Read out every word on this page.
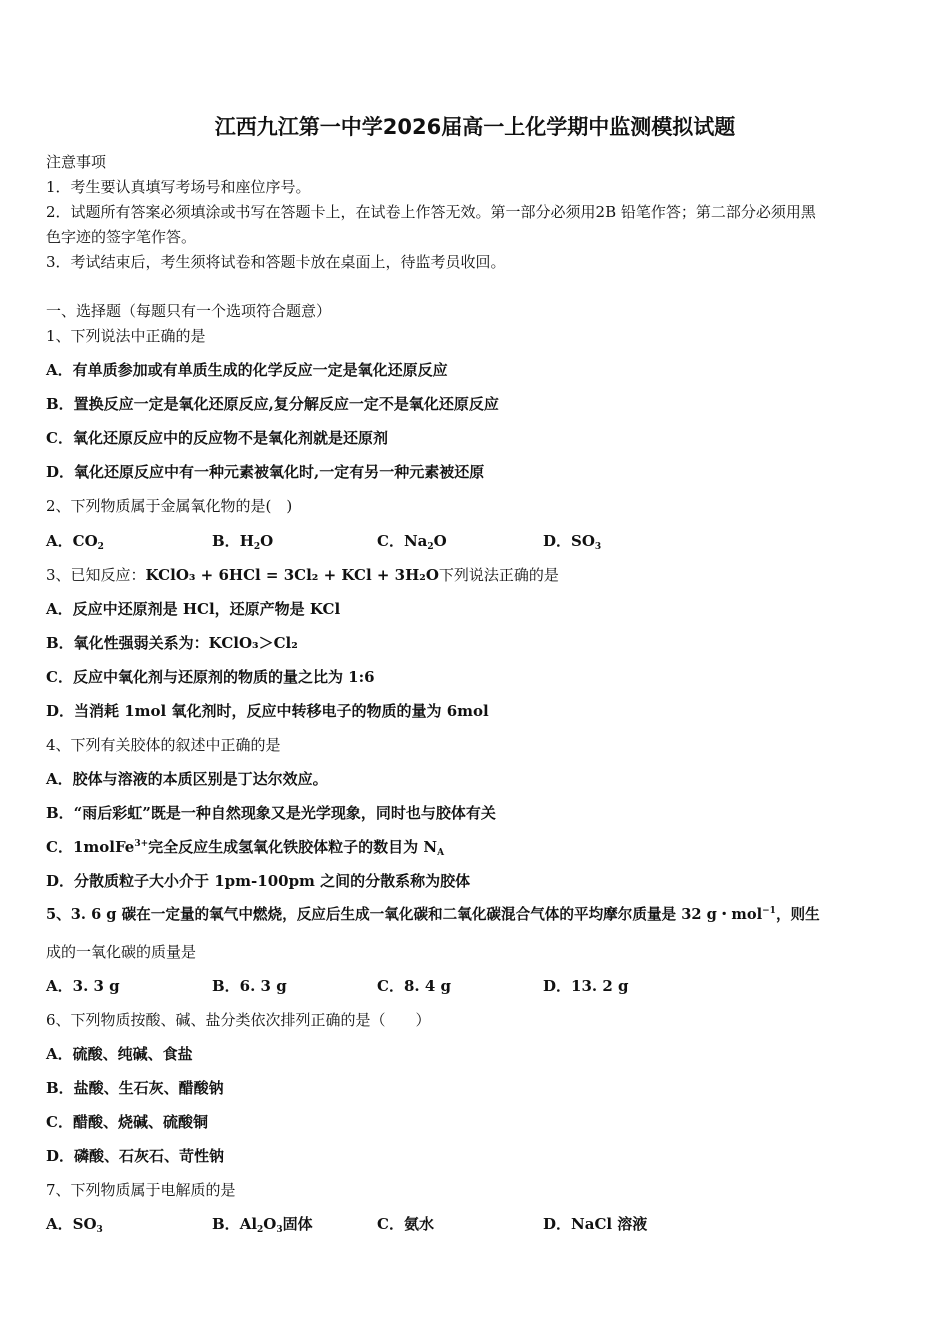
江西九江第一中学2026届高一上化学期中监测模拟试题
注意事项
1．考生要认真填写考场号和座位序号。
2．试题所有答案必须填涂或书写在答题卡上，在试卷上作答无效。第一部分必须用2B 铅笔作答；第二部分必须用黑
色字迹的签字笔作答。
3．考试结束后，考生须将试卷和答题卡放在桌面上，待监考员收回。
一、选择题（每题只有一个选项符合题意）
1、下列说法中正确的是
A．有单质参加或有单质生成的化学反应一定是氧化还原反应
B．置换反应一定是氧化还原反应,复分解反应一定不是氧化还原反应
C．氧化还原反应中的反应物不是氧化剂就是还原剂
D．氧化还原反应中有一种元素被氧化时,一定有另一种元素被还原
2、下列物质属于金属氧化物的是(　)
A．$CO_2$	B．$H_2O$	C．$Na_2O$	D．$SO_3$
3、已知反应：KClO₃ + 6HCl = 3Cl₂ + KCl + 3H₂O下列说法正确的是
A．反应中还原剂是 HCl，还原产物是 KCl
B．氧化性强弱关系为：KClO₃＞Cl₂
C．反应中氧化剂与还原剂的物质的量之比为 1:6
D．当消耗 1mol 氧化剂时，反应中转移电子的物质的量为 6mol
4、下列有关胶体的叙述中正确的是
A．胶体与溶液的本质区别是丁达尔效应。
B．“雨后彩虹”既是一种自然现象又是光学现象，同时也与胶体有关
C．1molFe$^{3+}$完全反应生成氢氧化铁胶体粒子的数目为 $N_A$
D．分散质粒子大小介于 1pm-100pm 之间的分散系称为胶体
5、3. 6 g 碳在一定量的氧气中燃烧，反应后生成一氧化碳和二氧化碳混合气体的平均摩尔质量是 32 g・mol$^{-1}$，则生
成的一氧化碳的质量是
A．3. 3 g	B．6. 3 g	C．8. 4 g	D．13. 2 g
6、下列物质按酸、碱、盐分类依次排列正确的是（　　）
A．硫酸、纯碱、食盐
B．盐酸、生石灰、醋酸钠
C．醋酸、烧碱、硫酸铜
D．磷酸、石灰石、苛性钠
7、下列物质属于电解质的是
A．$SO_3$	B．$Al_2O_3$固体	C．氨水	D．NaCl 溶液
